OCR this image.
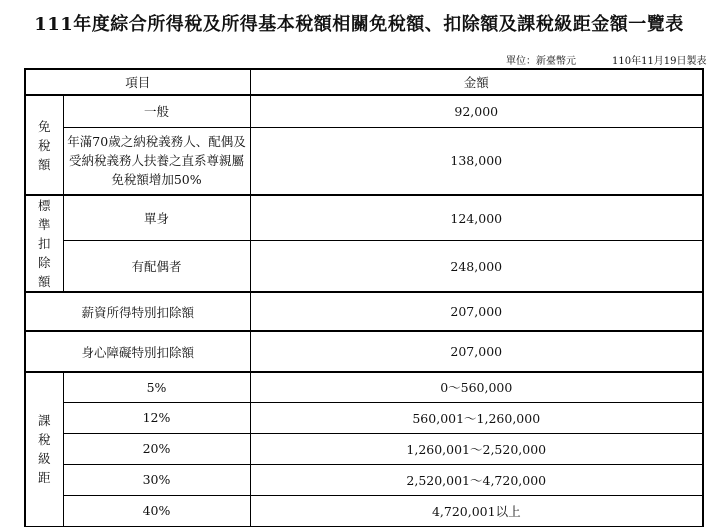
111年度綜合所得稅及所得基本稅額相關免稅額、扣除額及課稅級距金額一覽表
單位：新臺幣元	110年11月19日製表
項目		金額
免稅額	一般	92,000
	年滿70歲之納稅義務人、配偶及受納稅義務人扶養之直系尊親屬免稅額增加50%	138,000
標準扣除額	單身	124,000
	有配偶者	248,000
薪資所得特別扣除額		207,000
身心障礙特別扣除額		207,000
課稅級距	5%	0～560,000
	12%	560,001～1,260,000
	20%	1,260,001～2,520,000
	30%	2,520,001～4,720,000
	40%	4,720,001以上
